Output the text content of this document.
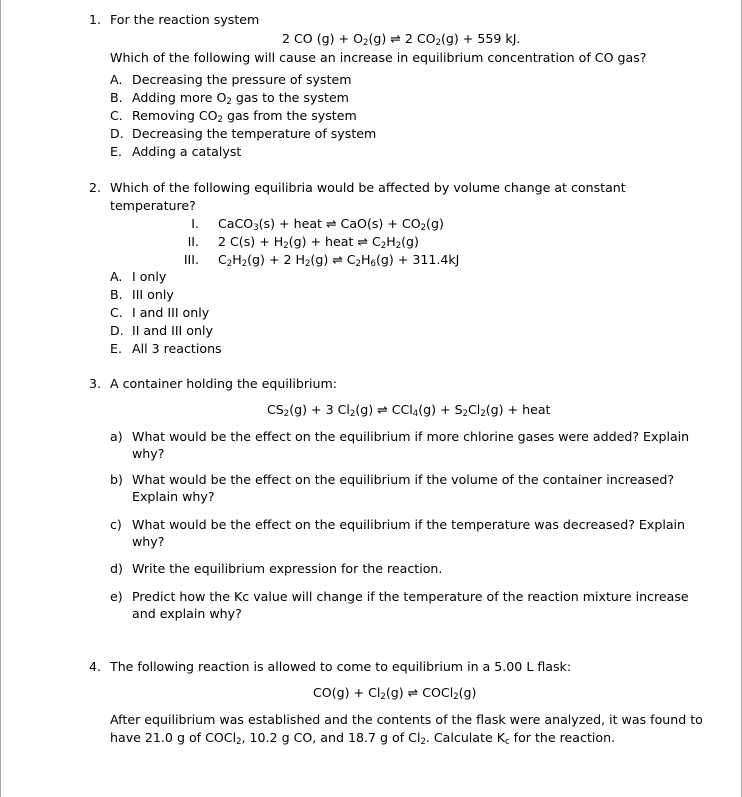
1. For the reaction system
2 CO $(g) + O_2(g)$ ⇌ 2 $CO_2(g) + 559$ kJ.
Which of the following will cause an increase in equilibrium concentration of CO gas?
A. Decreasing the pressure of system
B. Adding more $O_2$ gas to the system
C. Removing $CO_2$ gas from the system
D. Decreasing the temperature of system
E. Adding a catalyst
2. Which of the following equilibria would be affected by volume change at constant
temperature?
I. CaCO$_3$(s) + heat ⇌ $CaO(s) + CO_2(g)$
II. 2 $C(s) + H_2(g)$ + heat ⇌ $C_2H_2(g)$
III. $C_2H_2(g) + 2$ $H_2(g)$ ⇌ $C_2H_6(g) + 311.4kJ$
A. I only
B. III only
C. I and III only
D. II and III only
E. All 3 reactions
3. A container holding the equilibrium:
$CS_2(g) + 3$ $Cl_2(g)$ ⇌ $CCl_4(g) + S_2Cl_2(g)$ + heat
a) What would be the effect on the equilibrium if more chlorine gases were added? Explain
why?
b) What would be the effect on the equilibrium if the volume of the container increased?
Explain why?
c) What would be the effect on the equilibrium if the temperature was decreased? Explain
why?
d) Write the equilibrium expression for the reaction.
e) Predict how the Kc value will change if the temperature of the reaction mixture increase
and explain why?
4. The following reaction is allowed to come to equilibrium in a 5.00 L flask:
$CO(g) + Cl_2(g)$ ⇌ COCl$_2$(g)
After equilibrium was established and the contents of the flask were analyzed, it was found to
have 21.0 g of COCl$_2$, 10.2 g CO, and 18.7 g of $Cl_2$. Calculate $K_c$ for the reaction.
